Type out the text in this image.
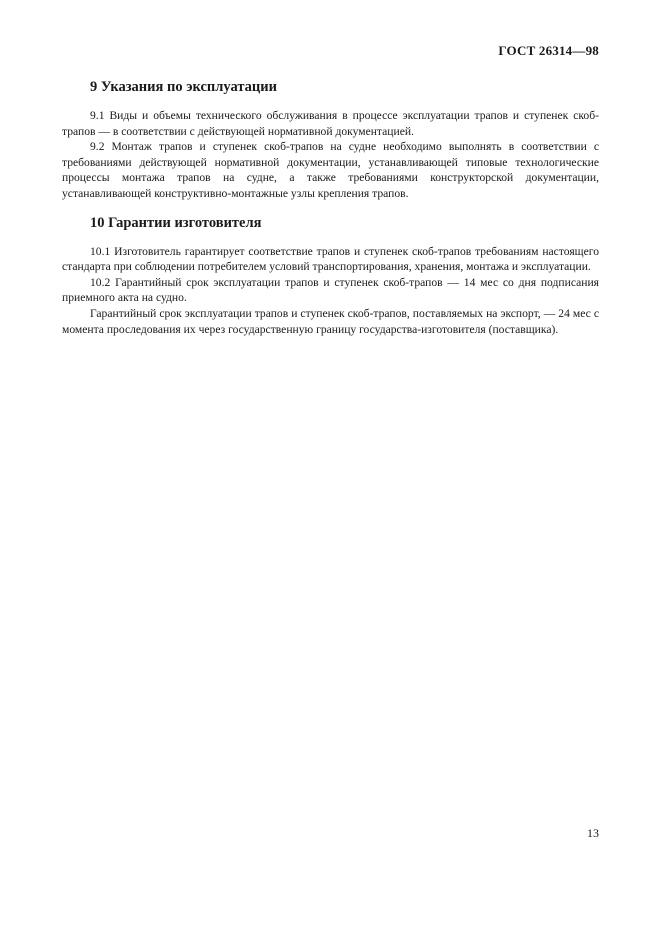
ГОСТ 26314—98
9 Указания по эксплуатации

9.1 Виды и объемы технического обслуживания в процессе эксплуатации трапов и ступенек скоб-трапов — в соответствии с действующей нормативной документацией.

9.2 Монтаж трапов и ступенек скоб-трапов на судне необходимо выполнять в соответствии с требованиями действующей нормативной документации, устанавливающей типовые технологические процессы монтажа трапов на судне, а также требованиями конструкторской документации, устанавливающей конструктивно-монтажные узлы крепления трапов.

10 Гарантии изготовителя

10.1 Изготовитель гарантирует соответствие трапов и ступенек скоб-трапов требованиям настоящего стандарта при соблюдении потребителем условий транспортирования, хранения, монтажа и эксплуатации.

10.2 Гарантийный срок эксплуатации трапов и ступенек скоб-трапов — 14 мес со дня подписания приемного акта на судно.

Гарантийный срок эксплуатации трапов и ступенек скоб-трапов, поставляемых на экспорт, — 24 мес с момента проследования их через государственную границу государства-изготовителя (поставщика).

13
